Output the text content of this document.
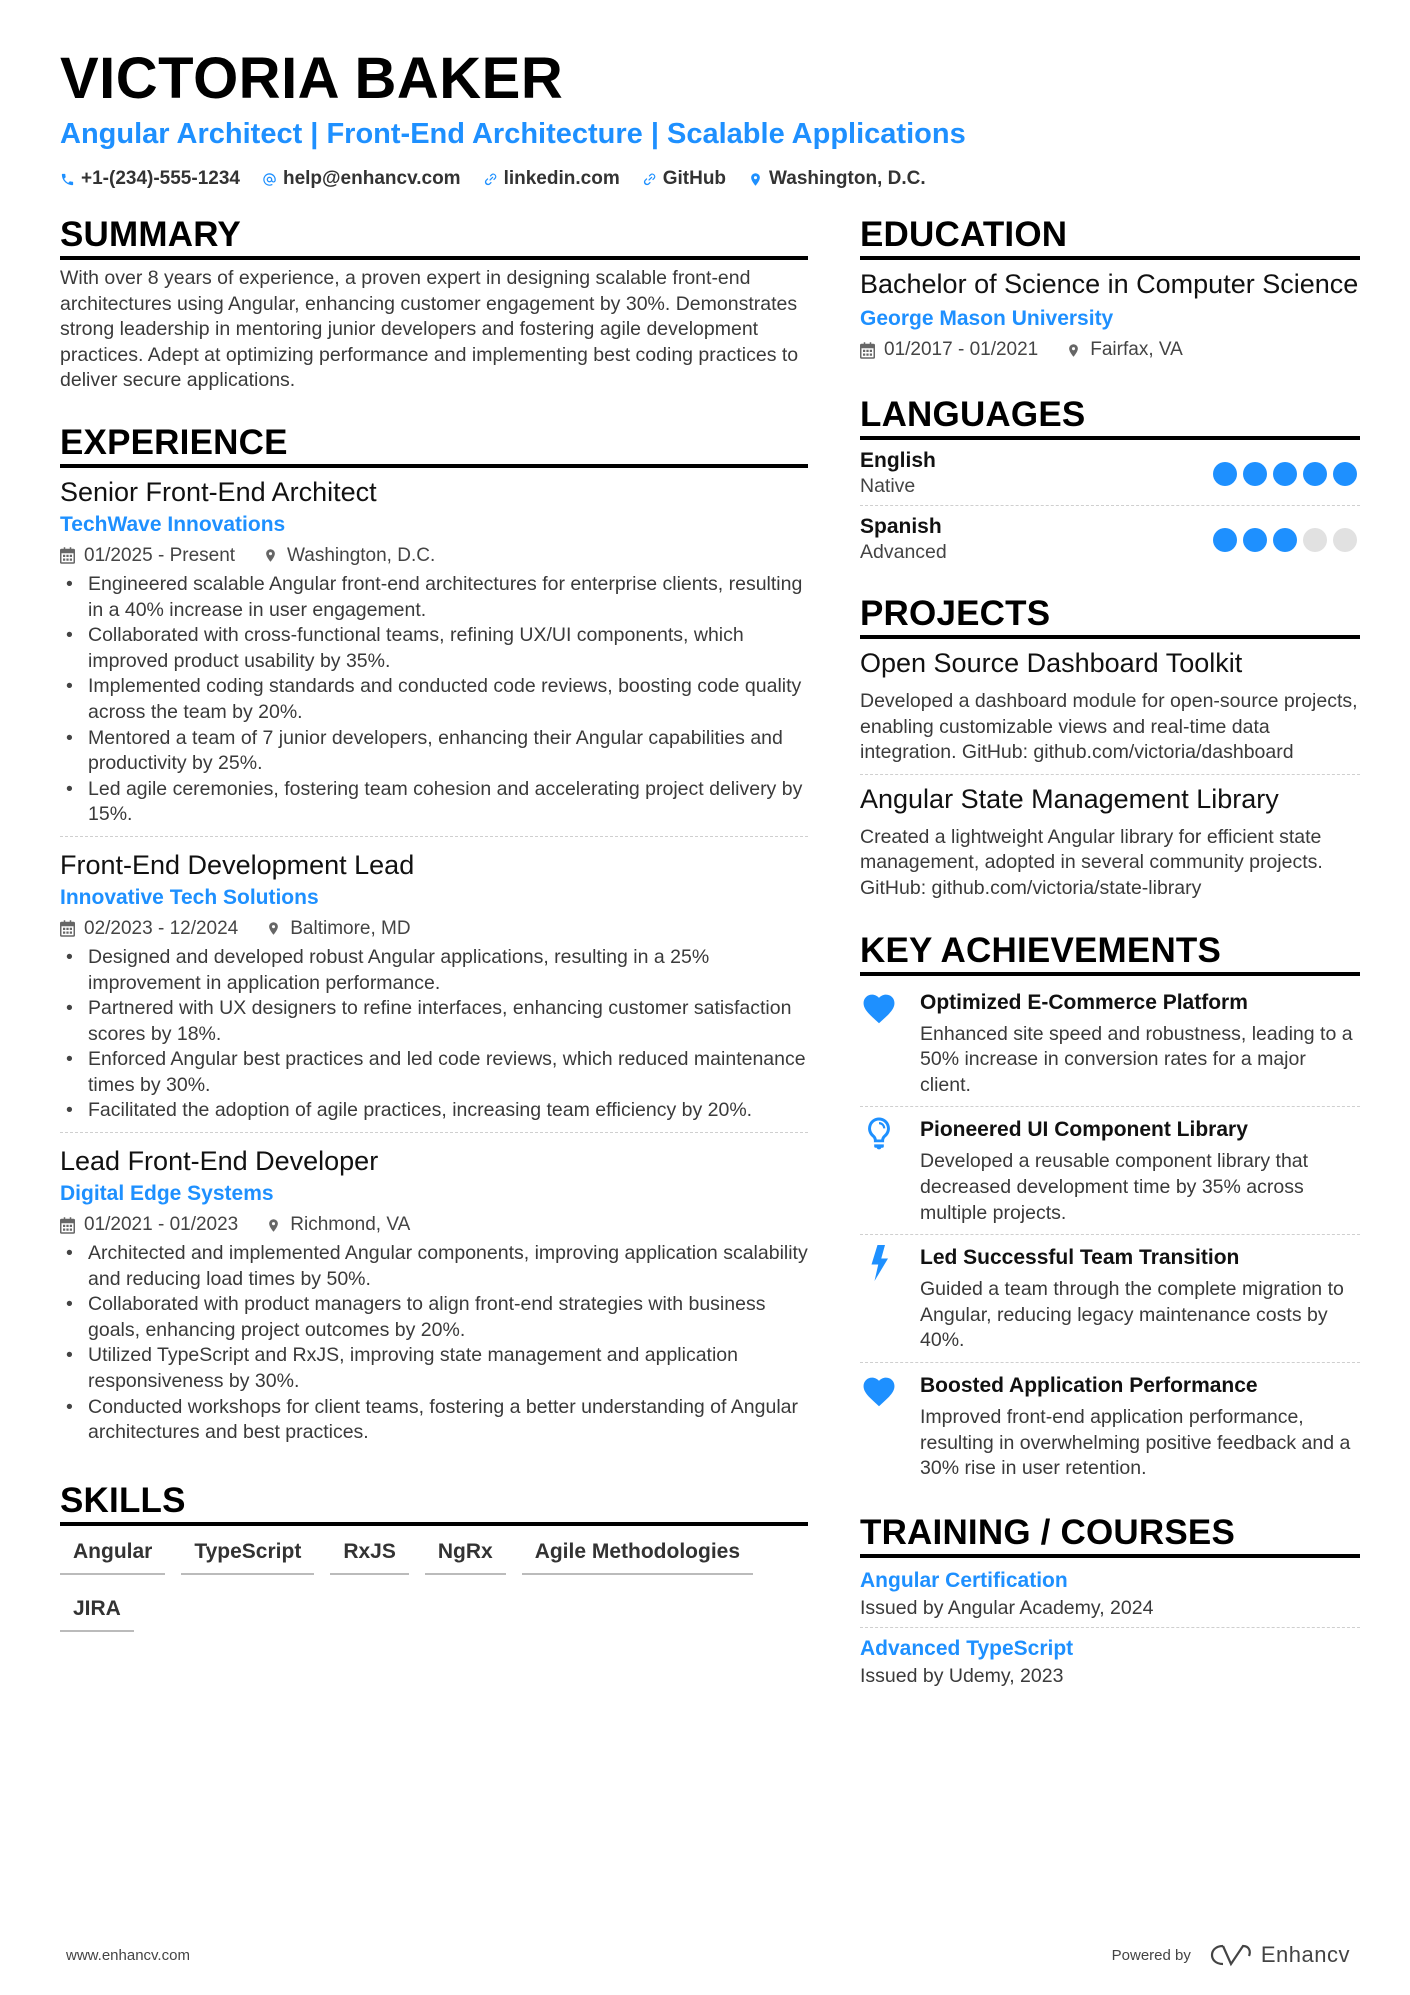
VICTORIA BAKER
Angular Architect | Front-End Architecture | Scalable Applications
+1-(234)-555-1234 help@enhancv.com linkedin.com GitHub Washington, D.C.
SUMMARY
With over 8 years of experience, a proven expert in designing scalable front-end architectures using Angular, enhancing customer engagement by 30%. Demonstrates strong leadership in mentoring junior developers and fostering agile development practices. Adept at optimizing performance and implementing best coding practices to deliver secure applications.
EXPERIENCE
Senior Front-End Architect
TechWave Innovations
01/2025 - Present	Washington, D.C.
• Engineered scalable Angular front-end architectures for enterprise clients, resulting in a 40% increase in user engagement.
• Collaborated with cross-functional teams, refining UX/UI components, which improved product usability by 35%.
• Implemented coding standards and conducted code reviews, boosting code quality across the team by 20%.
• Mentored a team of 7 junior developers, enhancing their Angular capabilities and productivity by 25%.
• Led agile ceremonies, fostering team cohesion and accelerating project delivery by 15%.
Front-End Development Lead
Innovative Tech Solutions
02/2023 - 12/2024	Baltimore, MD
• Designed and developed robust Angular applications, resulting in a 25% improvement in application performance.
• Partnered with UX designers to refine interfaces, enhancing customer satisfaction scores by 18%.
• Enforced Angular best practices and led code reviews, which reduced maintenance times by 30%.
• Facilitated the adoption of agile practices, increasing team efficiency by 20%.
Lead Front-End Developer
Digital Edge Systems
01/2021 - 01/2023	Richmond, VA
• Architected and implemented Angular components, improving application scalability and reducing load times by 50%.
• Collaborated with product managers to align front-end strategies with business goals, enhancing project outcomes by 20%.
• Utilized TypeScript and RxJS, improving state management and application responsiveness by 30%.
• Conducted workshops for client teams, fostering a better understanding of Angular architectures and best practices.
SKILLS
Angular	TypeScript	RxJS	NgRx	Agile Methodologies
JIRA
EDUCATION
Bachelor of Science in Computer Science
George Mason University
01/2017 - 01/2021	Fairfax, VA
LANGUAGES
English
Native
Spanish
Advanced
PROJECTS
Open Source Dashboard Toolkit
Developed a dashboard module for open-source projects, enabling customizable views and real-time data integration. GitHub: github.com/victoria/dashboard
Angular State Management Library
Created a lightweight Angular library for efficient state management, adopted in several community projects. GitHub: github.com/victoria/state-library
KEY ACHIEVEMENTS
Optimized E-Commerce Platform
Enhanced site speed and robustness, leading to a 50% increase in conversion rates for a major client.
Pioneered UI Component Library
Developed a reusable component library that decreased development time by 35% across multiple projects.
Led Successful Team Transition
Guided a team through the complete migration to Angular, reducing legacy maintenance costs by 40%.
Boosted Application Performance
Improved front-end application performance, resulting in overwhelming positive feedback and a 30% rise in user retention.
TRAINING / COURSES
Angular Certification
Issued by Angular Academy, 2024
Advanced TypeScript
Issued by Udemy, 2023
www.enhancv.com	Powered by	Enhancv
